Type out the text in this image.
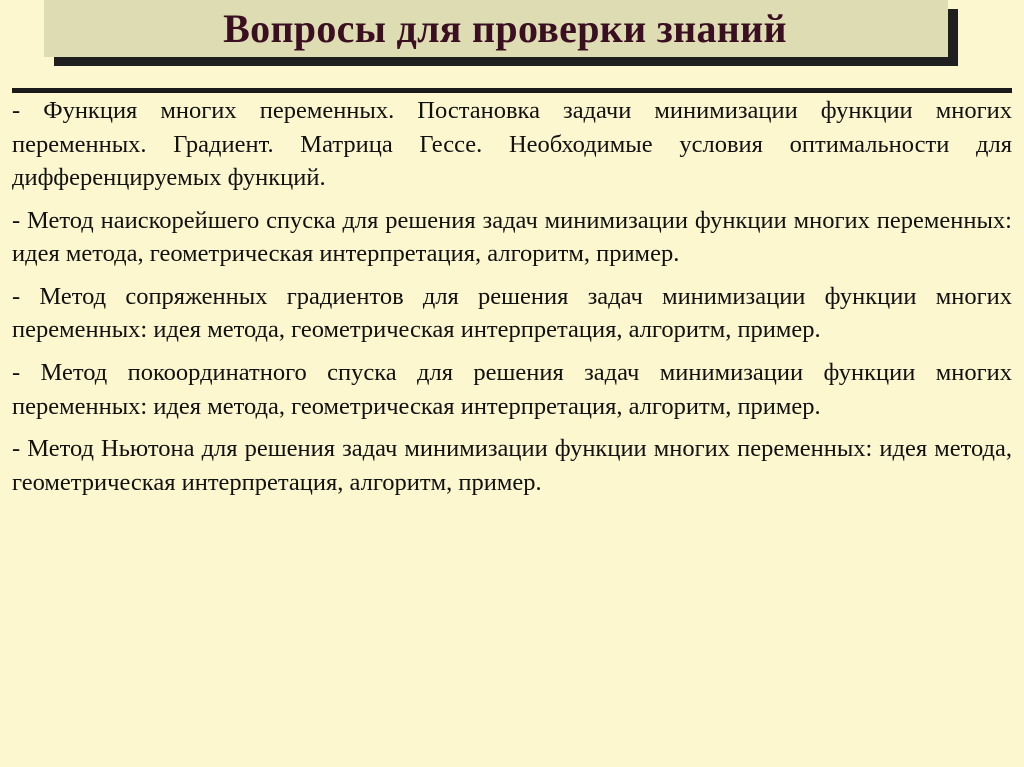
Вопросы для проверки знаний

- Функция многих переменных. Постановка задачи минимизации функции многих переменных. Градиент. Матрица Гессе. Необходимые условия оптимальности для дифференцируемых функций.

- Метод наискорейшего спуска для решения задач минимизации функции многих переменных: идея метода, геометрическая интерпретация, алгоритм, пример.

- Метод сопряженных градиентов для решения задач минимизации функции многих переменных: идея метода, геометрическая интерпретация, алгоритм, пример.

- Метод покоординатного спуска для решения задач минимизации функции многих переменных: идея метода, геометрическая интерпретация, алгоритм, пример.

- Метод Ньютона для решения задач минимизации функции многих переменных: идея метода, геометрическая интерпретация, алгоритм, пример.
